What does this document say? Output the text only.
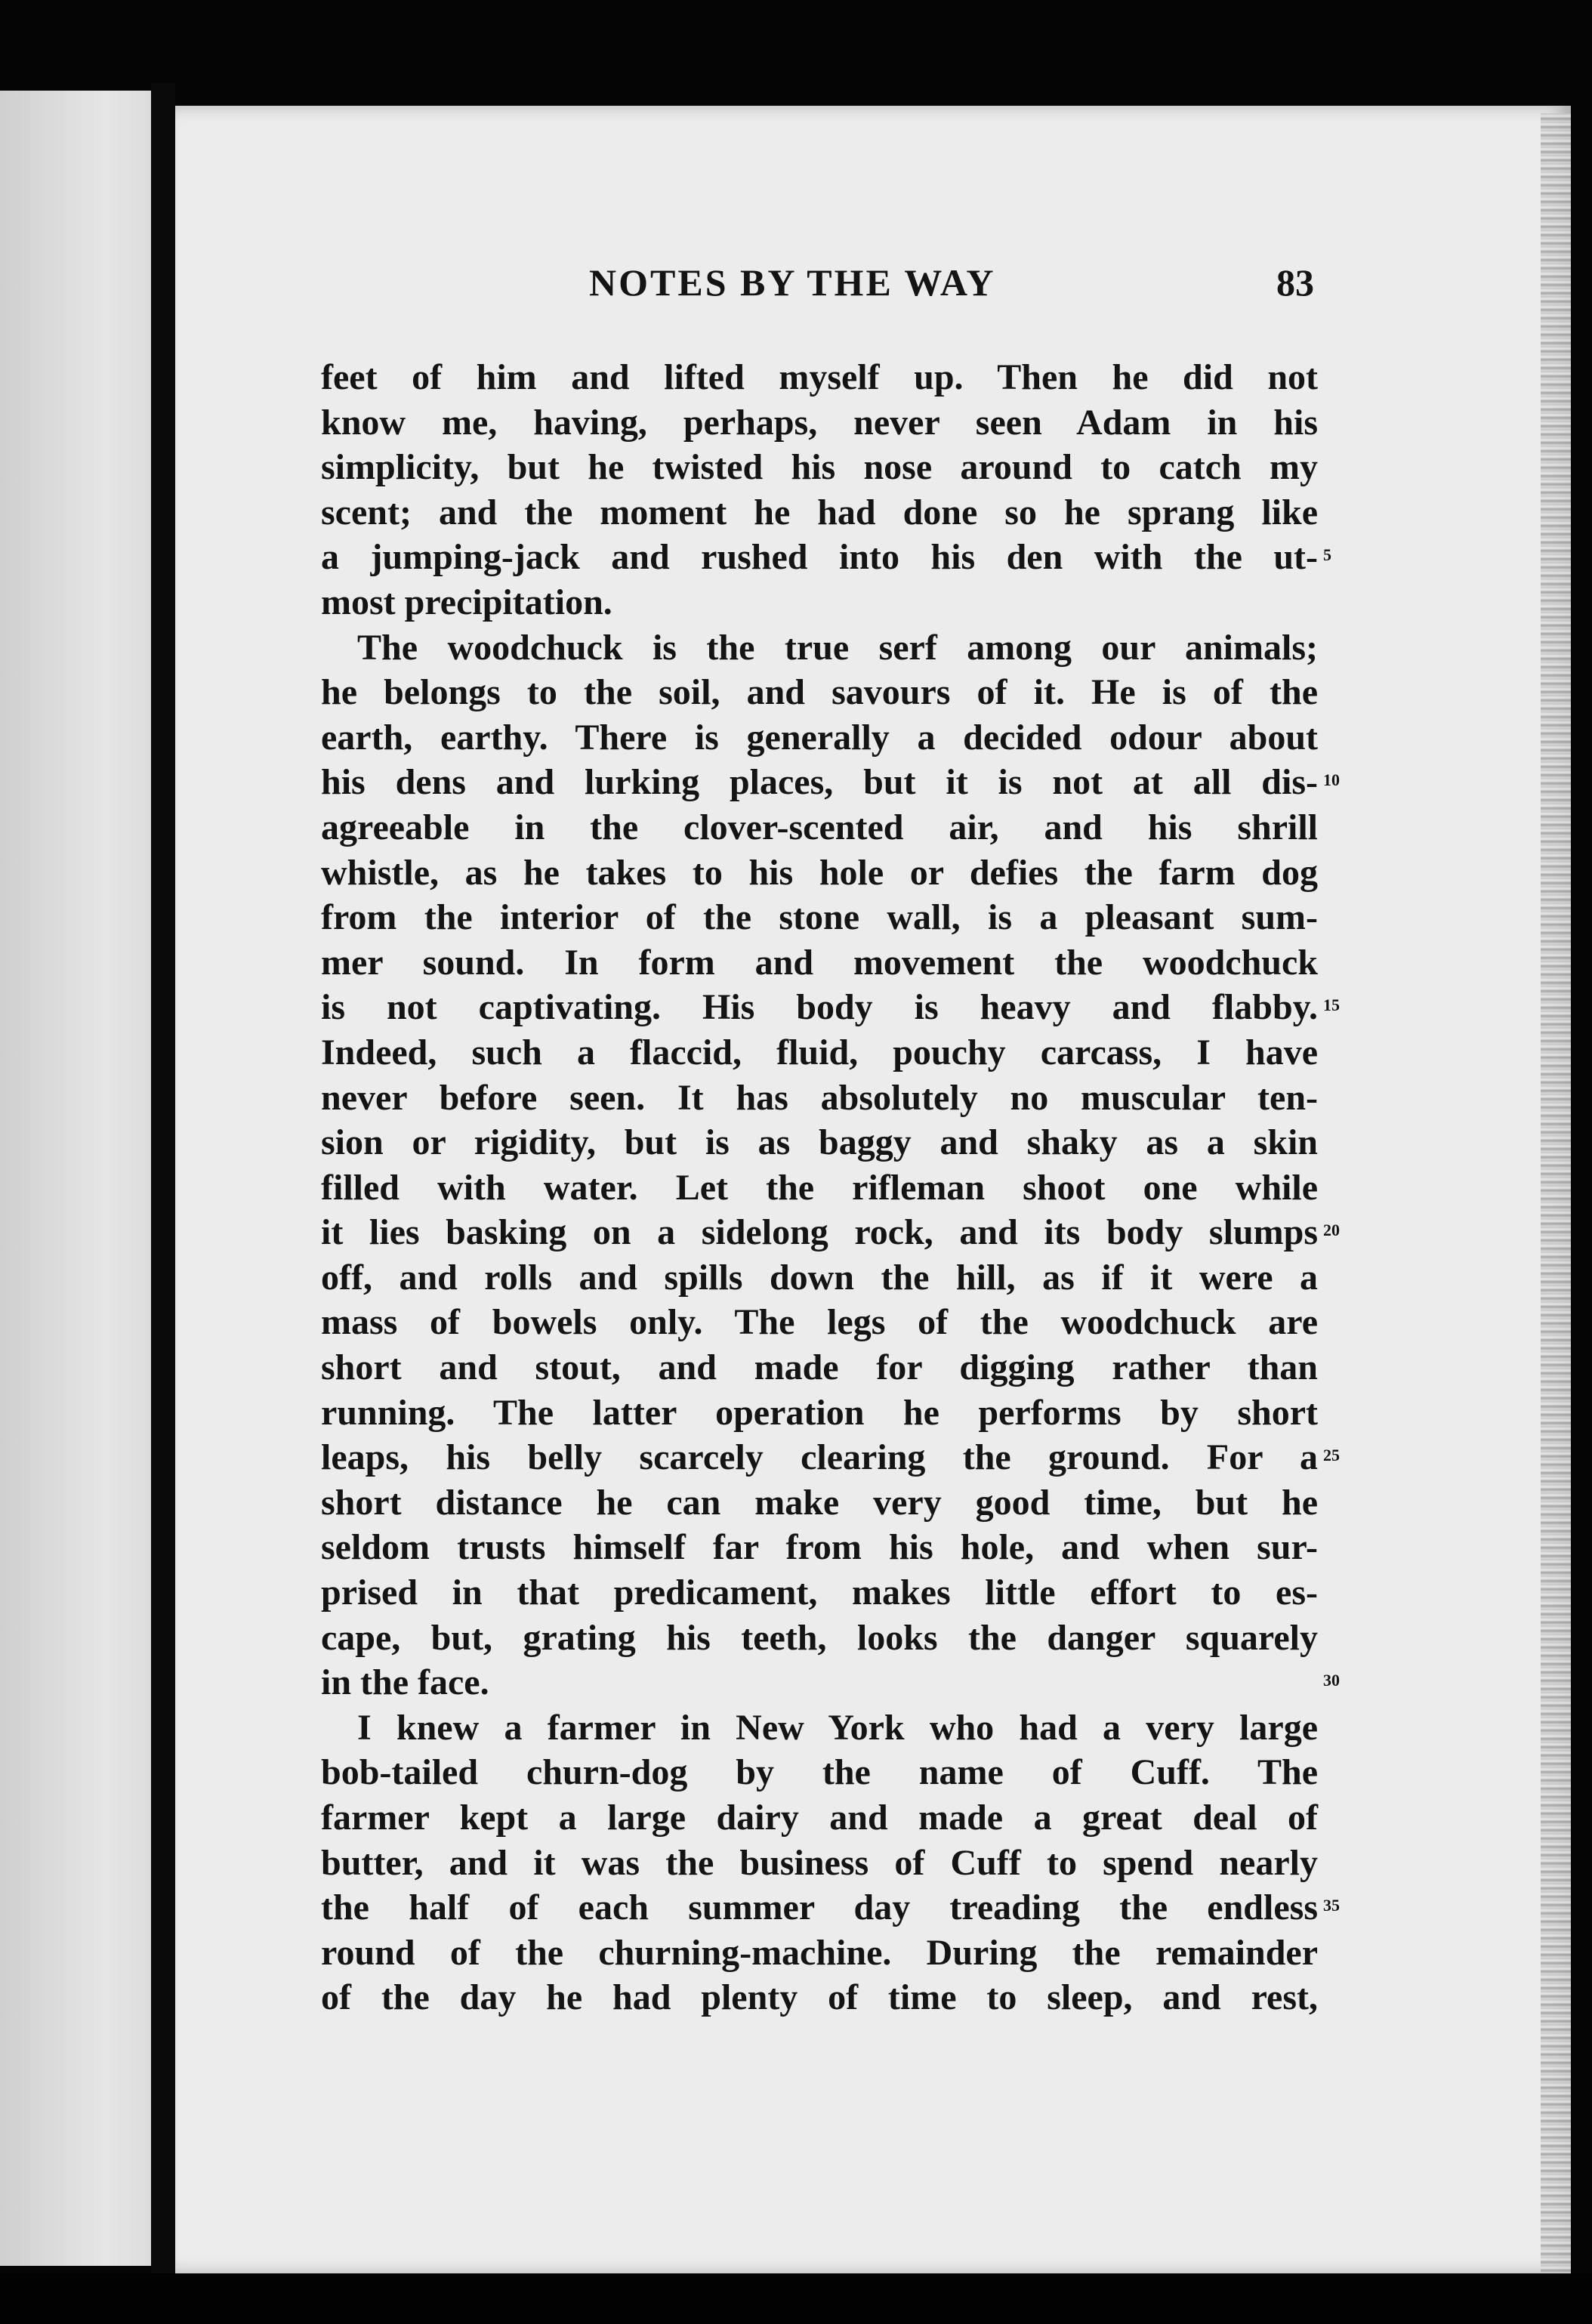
NOTES BY THE WAY	83
feet of him and lifted myself up. Then he did not
know me, having, perhaps, never seen Adam in his
simplicity, but he twisted his nose around to catch my
scent; and the moment he had done so he sprang like
a jumping-jack and rushed into his den with the ut-
most precipitation.
The woodchuck is the true serf among our animals;
he belongs to the soil, and savours of it. He is of the
earth, earthy. There is generally a decided odour about
his dens and lurking places, but it is not at all dis-
agreeable in the clover-scented air, and his shrill
whistle, as he takes to his hole or defies the farm dog
from the interior of the stone wall, is a pleasant sum-
mer sound. In form and movement the woodchuck
is not captivating. His body is heavy and flabby.
Indeed, such a flaccid, fluid, pouchy carcass, I have
never before seen. It has absolutely no muscular ten-
sion or rigidity, but is as baggy and shaky as a skin
filled with water. Let the rifleman shoot one while
it lies basking on a sidelong rock, and its body slumps
off, and rolls and spills down the hill, as if it were a
mass of bowels only. The legs of the woodchuck are
short and stout, and made for digging rather than
running. The latter operation he performs by short
leaps, his belly scarcely clearing the ground. For a
short distance he can make very good time, but he
seldom trusts himself far from his hole, and when sur-
prised in that predicament, makes little effort to es-
cape, but, grating his teeth, looks the danger squarely
in the face.
I knew a farmer in New York who had a very large
bob-tailed churn-dog by the name of Cuff. The
farmer kept a large dairy and made a great deal of
butter, and it was the business of Cuff to spend nearly
the half of each summer day treading the endless
round of the churning-machine. During the remainder
of the day he had plenty of time to sleep, and rest,
5
10
15
20
25
30
35
